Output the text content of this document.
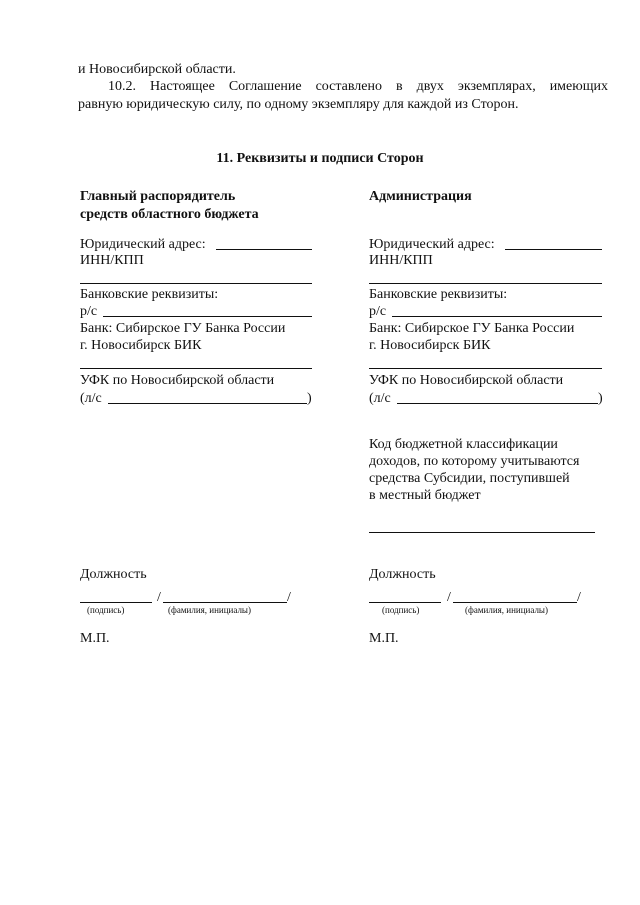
и Новосибирской области.
10.2. Настоящее Соглашение составлено в двух экземплярах, имеющих
равную юридическую силу, по одному экземпляру для каждой из Сторон.
11. Реквизиты и подписи Сторон
Главный распорядитель
средств областного бюджета
Юридический адрес:
ИНН/КПП
Банковские реквизиты:
р/с
Банк: Сибирское ГУ Банка России
г. Новосибирск БИК
УФК по Новосибирской области
(л/с	)
Должность
/	/
(подпись)	(фамилия, инициалы)
М.П.
Администрация
Юридический адрес:
ИНН/КПП
Банковские реквизиты:
р/с
Банк: Сибирское ГУ Банка России
г. Новосибирск БИК
УФК по Новосибирской области
(л/с	)
Код бюджетной классификации
доходов, по которому учитываются
средства Субсидии, поступившей
в местный бюджет
Должность
/	/
(подпись)	(фамилия, инициалы)
М.П.
